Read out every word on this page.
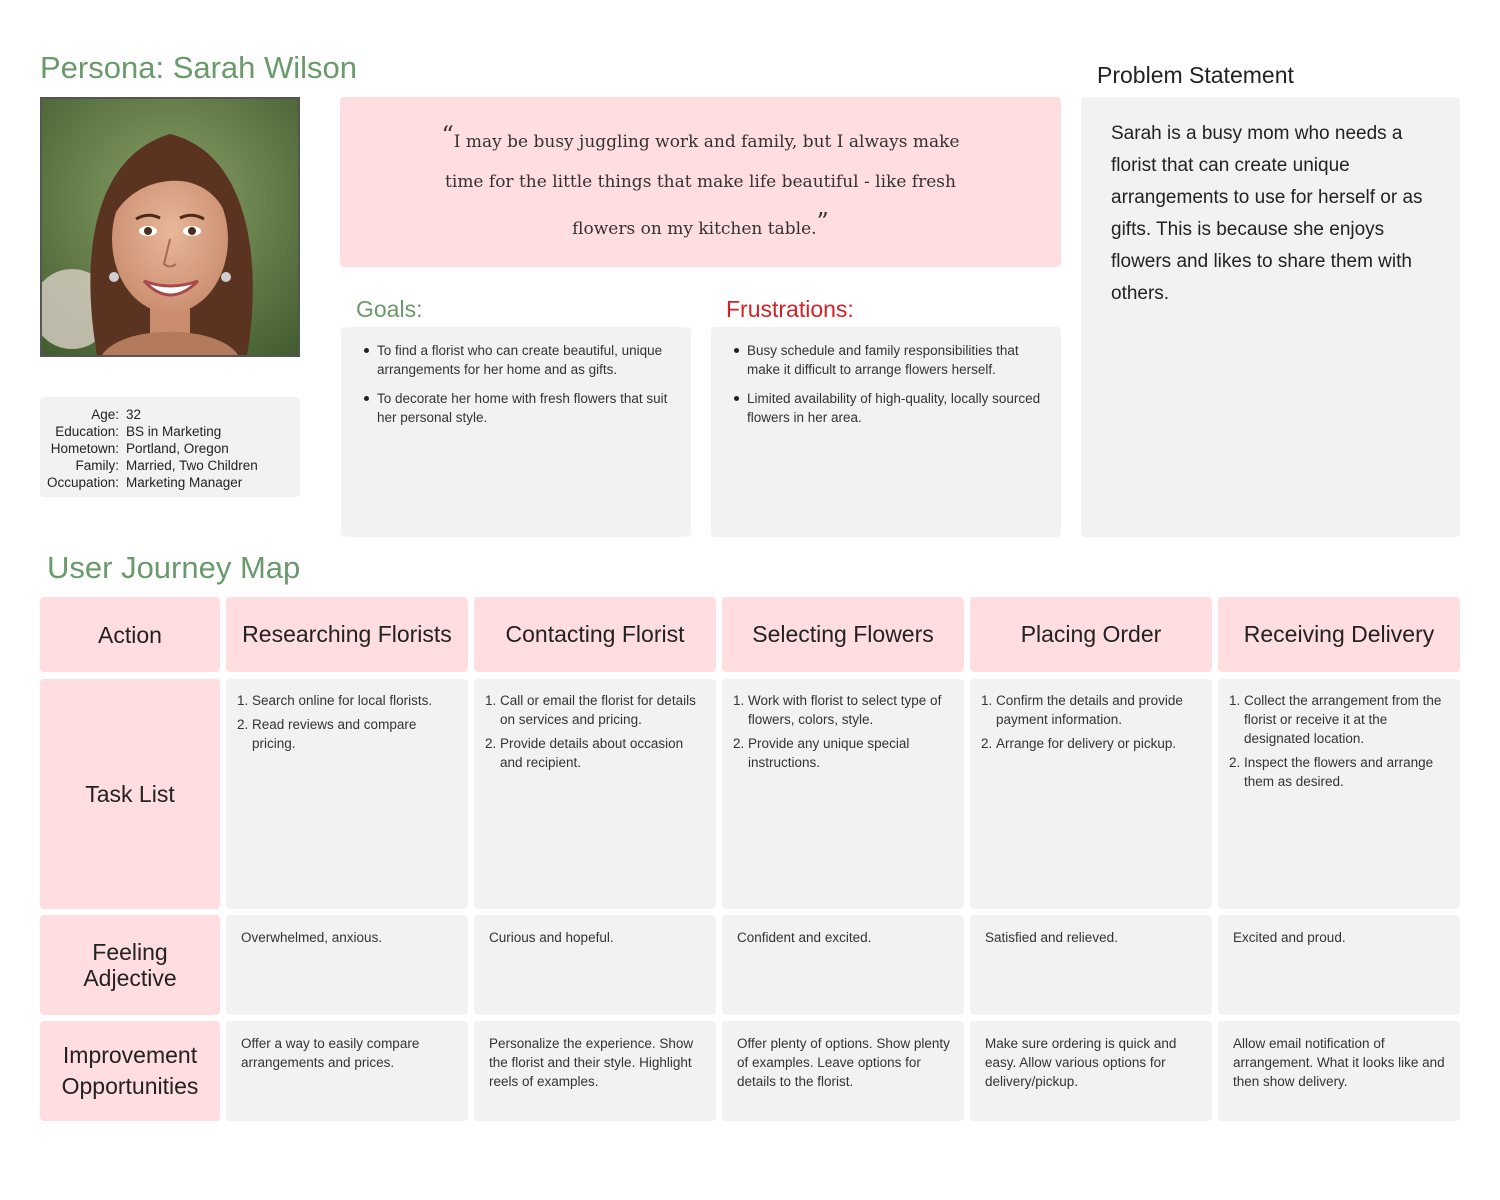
Persona: Sarah Wilson
Age: 32
Education: BS in Marketing
Hometown: Portland, Oregon
Family: Married, Two Children
Occupation: Marketing Manager
“I may be busy juggling work and family, but I always make time for the little things that make life beautiful - like fresh flowers on my kitchen table.”
Goals:	Frustrations:
To find a florist who can create beautiful, unique arrangements for her home and as gifts.
To decorate her home with fresh flowers that suit her personal style.
Busy schedule and family responsibilities that make it difficult to arrange flowers herself.
Limited availability of high-quality, locally sourced flowers in her area.
Problem Statement
Sarah is a busy mom who needs a florist that can create unique arrangements to use for herself or as gifts. This is because she enjoys flowers and likes to share them with others.
User Journey Map
Action
Task List
Feeling
Adjective
Improvement
Opportunities
Researching Florists
1. Search online for local florists.
2. Read reviews and compare pricing.
Overwhelmed, anxious.
Offer a way to easily compare arrangements and prices.
Contacting Florist
1. Call or email the florist for details on services and pricing.
2. Provide details about occasion and recipient.
Curious and hopeful.
Personalize the experience. Show the florist and their style. Highlight reels of examples.
Selecting Flowers
1. Work with florist to select type of flowers, colors, style.
2. Provide any unique special instructions.
Confident and excited.
Offer plenty of options. Show plenty of examples. Leave options for details to the florist.
Placing Order
1. Confirm the details and provide payment information.
2. Arrange for delivery or pickup.
Satisfied and relieved.
Make sure ordering is quick and easy. Allow various options for delivery/pickup.
Receiving Delivery
1. Collect the arrangement from the florist or receive it at the designated location.
2. Inspect the flowers and arrange them as desired.
Excited and proud.
Allow email notification of arrangement. What it looks like and then show delivery.
